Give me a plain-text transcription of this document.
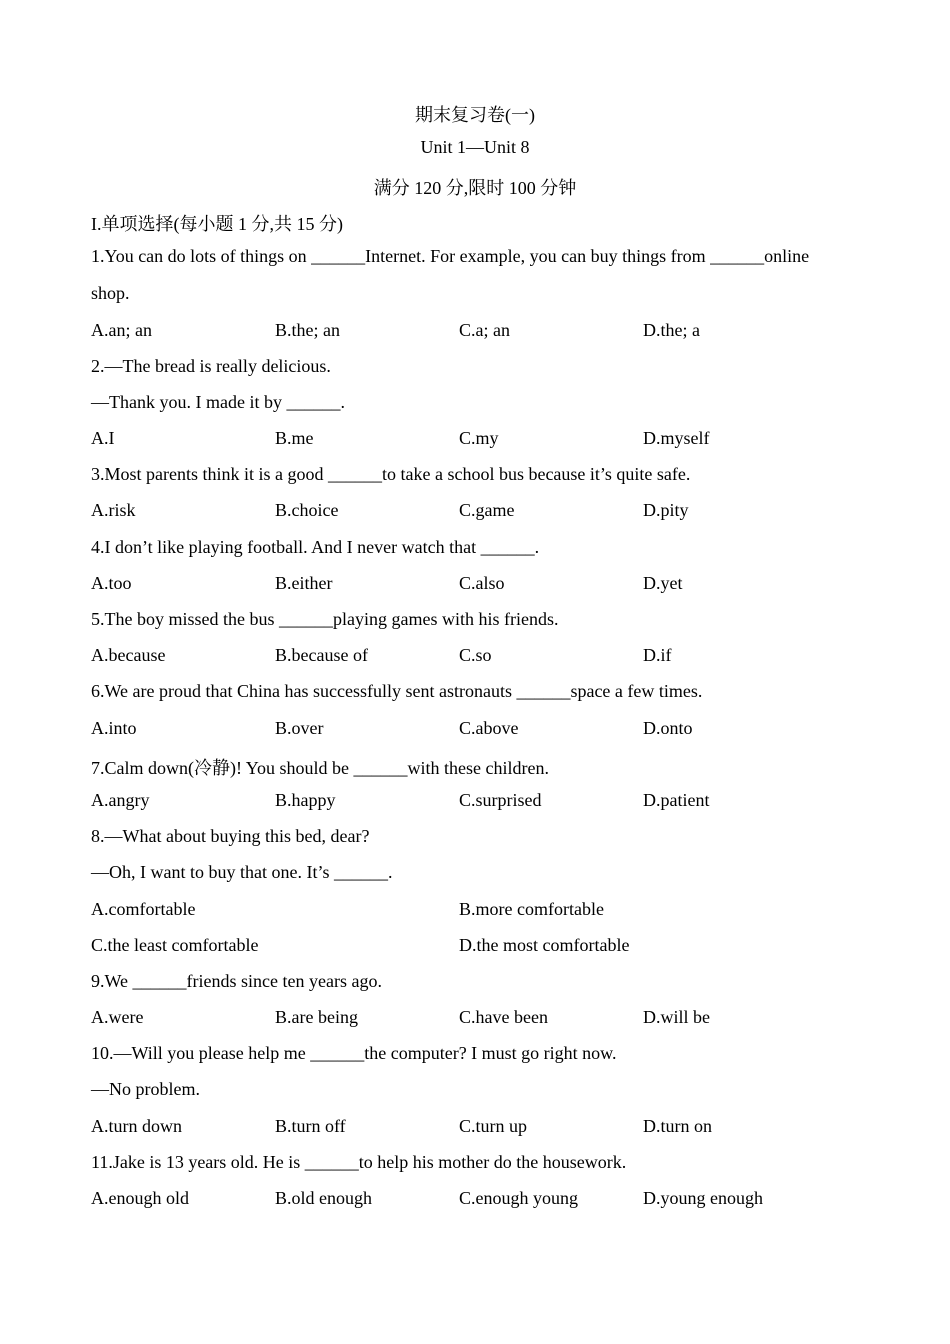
期末复习卷(一)
Unit 1—Unit 8
满分 120 分,限时 100 分钟
I.单项选择(每小题 1 分,共 15 分)
1.You can do lots of things on ______Internet. For example, you can buy things from ______online
shop.
A.an; an	B.the; an	C.a; an	D.the; a
2.—The bread is really delicious.
—Thank you. I made it by ______.
A.I	B.me	C.my	D.myself
3.Most parents think it is a good ______to take a school bus because it’s quite safe.
A.risk	B.choice	C.game	D.pity
4.I don’t like playing football. And I never watch that ______.
A.too	B.either	C.also	D.yet
5.The boy missed the bus ______playing games with his friends.
A.because	B.because of	C.so	D.if
6.We are proud that China has successfully sent astronauts ______space a few times.
A.into	B.over	C.above	D.onto
7.Calm down(冷静)! You should be ______with these children.
A.angry	B.happy	C.surprised	D.patient
8.—What about buying this bed, dear?
—Oh, I want to buy that one. It’s ______.
A.comfortable	B.more comfortable
C.the least comfortable	D.the most comfortable
9.We ______friends since ten years ago.
A.were	B.are being	C.have been	D.will be
10.—Will you please help me ______the computer? I must go right now.
—No problem.
A.turn down	B.turn off	C.turn up	D.turn on
11.Jake is 13 years old. He is ______to help his mother do the housework.
A.enough old	B.old enough	C.enough young	D.young enough
